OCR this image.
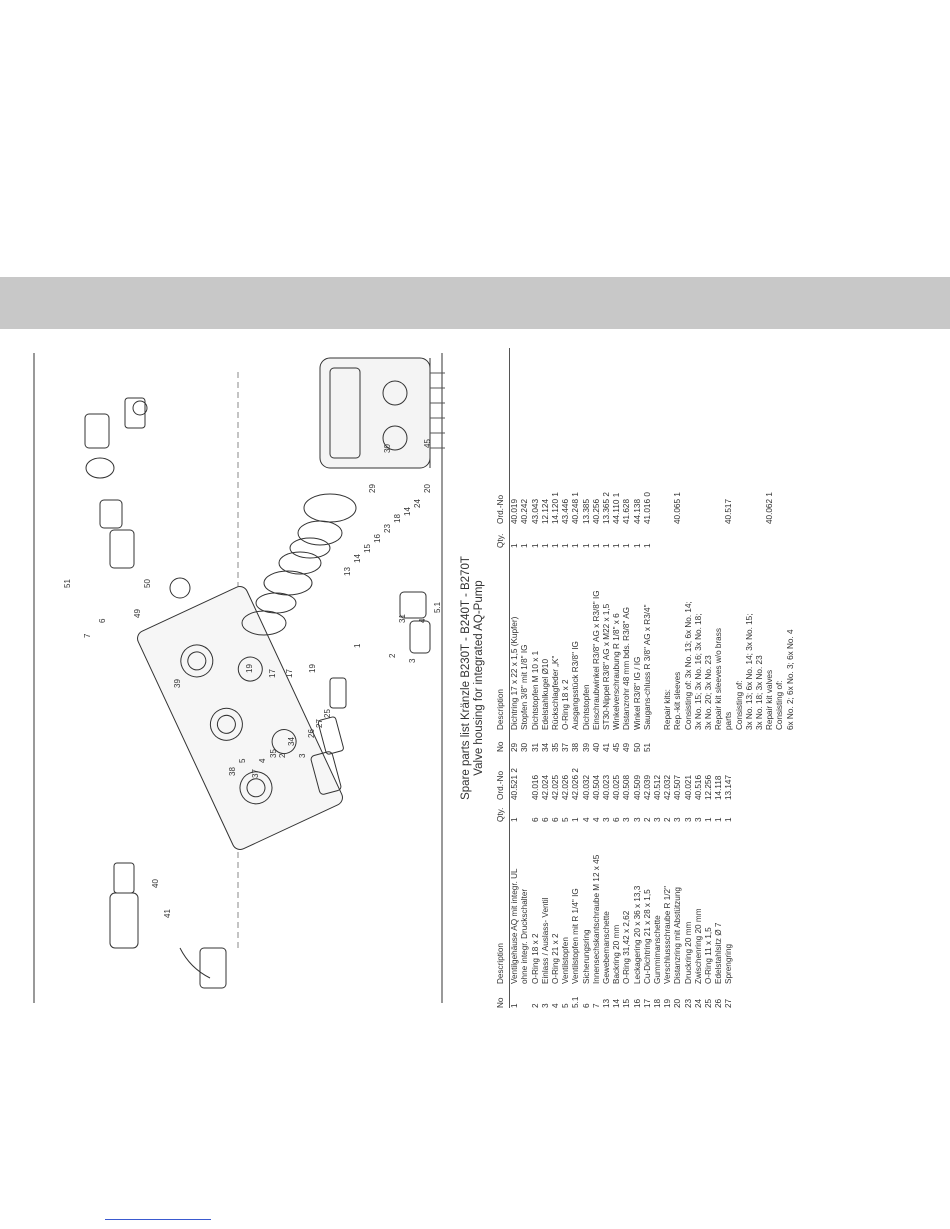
45
30
29	20
24
14
18
23
16
15
14
13
1
31 4
5.1
3
2
19
17
39
49
50
6
7
51
3
2
4
5
25
27
26
34
35
17
19
37
38
40
41
Spare parts list Kränzle B230T - B240T - B270T Valve housing for integrated AQ-Pump
No	Description	Qty.	Ord.-No	No	Description	Qty.	Ord.-No
1	Ventilgehäuse AQ mit integr. UL	1	40.521 2	29	Dichtring 17 x 22 x 1,5 (Kupfer)	1	40.019
	ohne integr. Druckschalter			30	Stopfen 3/8" mit 1/8" IG	1	40.242
2	O-Ring 18 x 2	6	40.016	31	Dichtstopfen M 10 x 1	1	43.043
3	Einlass / Auslass- Ventil	6	42.024	34	Edelstahlkugel Ø10	1	12.124
4	O-Ring 21 x 2	6	42.025	35	Rückschlagfeder „K"	1	14.120 1
5	Ventilstopfen	5	42.026	37	O-Ring 18 x 2	1	43.446
5.1	Ventilstopfen mit R 1/4" IG	1	42.026 2	38	Ausgangsstück R3/8" IG	1	40.248 1
6	Sicherungsring	4	40.032	39	Dichtstopfen	1	13.385
7	Innensechskantschraube M 12 x 45	4	40.504	40	Einschraubwinkel R3/8" AG x R3/8" IG	1	40.256
13	Gewebemanschette	3	40.023	41	ST30-Nippel R3/8" AG x M22 x 1,5	1	13.365 2
14	Backring 20 mm	6	40.025	45	Winkelverschraubung R 1/8" x 6	1	44.110 1
15	O-Ring 31,42 x 2,62	3	40.508	49	Distanzrohr 48 mm bds. R3/8" AG	1	41.628
16	Leckagering 20 x 36 x 13,3	3	40.509	50	Winkel R3/8" IG / IG	1	44.138
17	Cu-Dichtring 21 x 28 x 1,5	2	42.039	51	Saugans-chluss R 3/8" AG x R3/4"	1	41.016 0
18	Gummimanschette	3	40.512				
19	Verschlussschraube R 1/2"	2	42.032		Repair kits:		
20	Distanzring mit Abstützung	3	40.507		Rep.-kit sleeves		40.065 1
23	Druckring 20 mm	3	40.021		Consisting of: 3x No. 13; 6x No. 14;		
24	Zwischenring 20 mm	3	40.516		3x No. 15; 3x No. 16; 3x No. 18;		
25	O-Ring 11 x 1,5	1	12.256		3x No. 20; 3x No. 23		
26	Edelstahlsitz Ø 7	1	14.118		Repair kit sleeves w/o brass		
27	Sprengring	1	13.147		parts		40.517
					Consisting of:		
					3x No. 13; 6x No. 14; 3x No. 15;		
					3x No. 18; 3x No. 23		
					Repair kit valves		40.062 1
					Consisting of:		
					6x No. 2; 6x No. 3; 6x No. 4		
